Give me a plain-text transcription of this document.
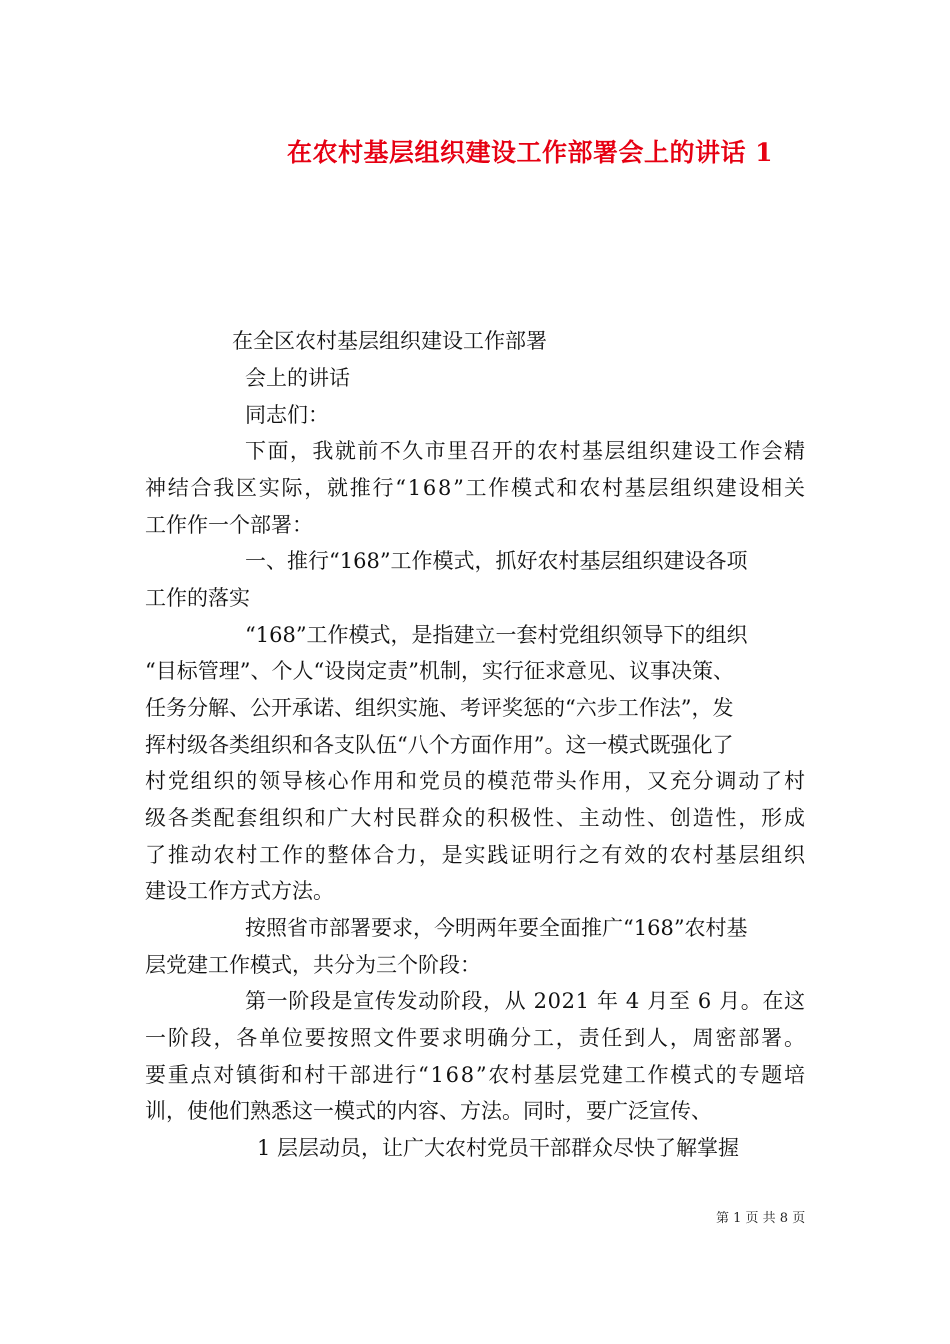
在农村基层组织建设工作部署会上的讲话 1
在全区农村基层组织建设工作部署
会上的讲话
同志们：
下面，我就前不久市里召开的农村基层组织建设工作会精
神结合我区实际，就推行“168”工作模式和农村基层组织建设相关
工作作一个部署：
一、推行“168”工作模式，抓好农村基层组织建设各项
工作的落实
“168”工作模式，是指建立一套村党组织领导下的组织
“目标管理”、个人“设岗定责”机制，实行征求意见、议事决策、
任务分解、公开承诺、组织实施、考评奖惩的“六步工作法”，发
挥村级各类组织和各支队伍“八个方面作用”。这一模式既强化了
村党组织的领导核心作用和党员的模范带头作用，又充分调动了村
级各类配套组织和广大村民群众的积极性、主动性、创造性，形成
了推动农村工作的整体合力，是实践证明行之有效的农村基层组织
建设工作方式方法。
按照省市部署要求，今明两年要全面推广“168”农村基
层党建工作模式，共分为三个阶段：
第一阶段是宣传发动阶段，从 2021 年 4 月至 6 月。在这
一阶段，各单位要按照文件要求明确分工，责任到人，周密部署。
要重点对镇街和村干部进行“168”农村基层党建工作模式的专题培
训，使他们熟悉这一模式的内容、方法。同时，要广泛宣传、
1 层层动员，让广大农村党员干部群众尽快了解掌握
第 1 页 共 8 页
